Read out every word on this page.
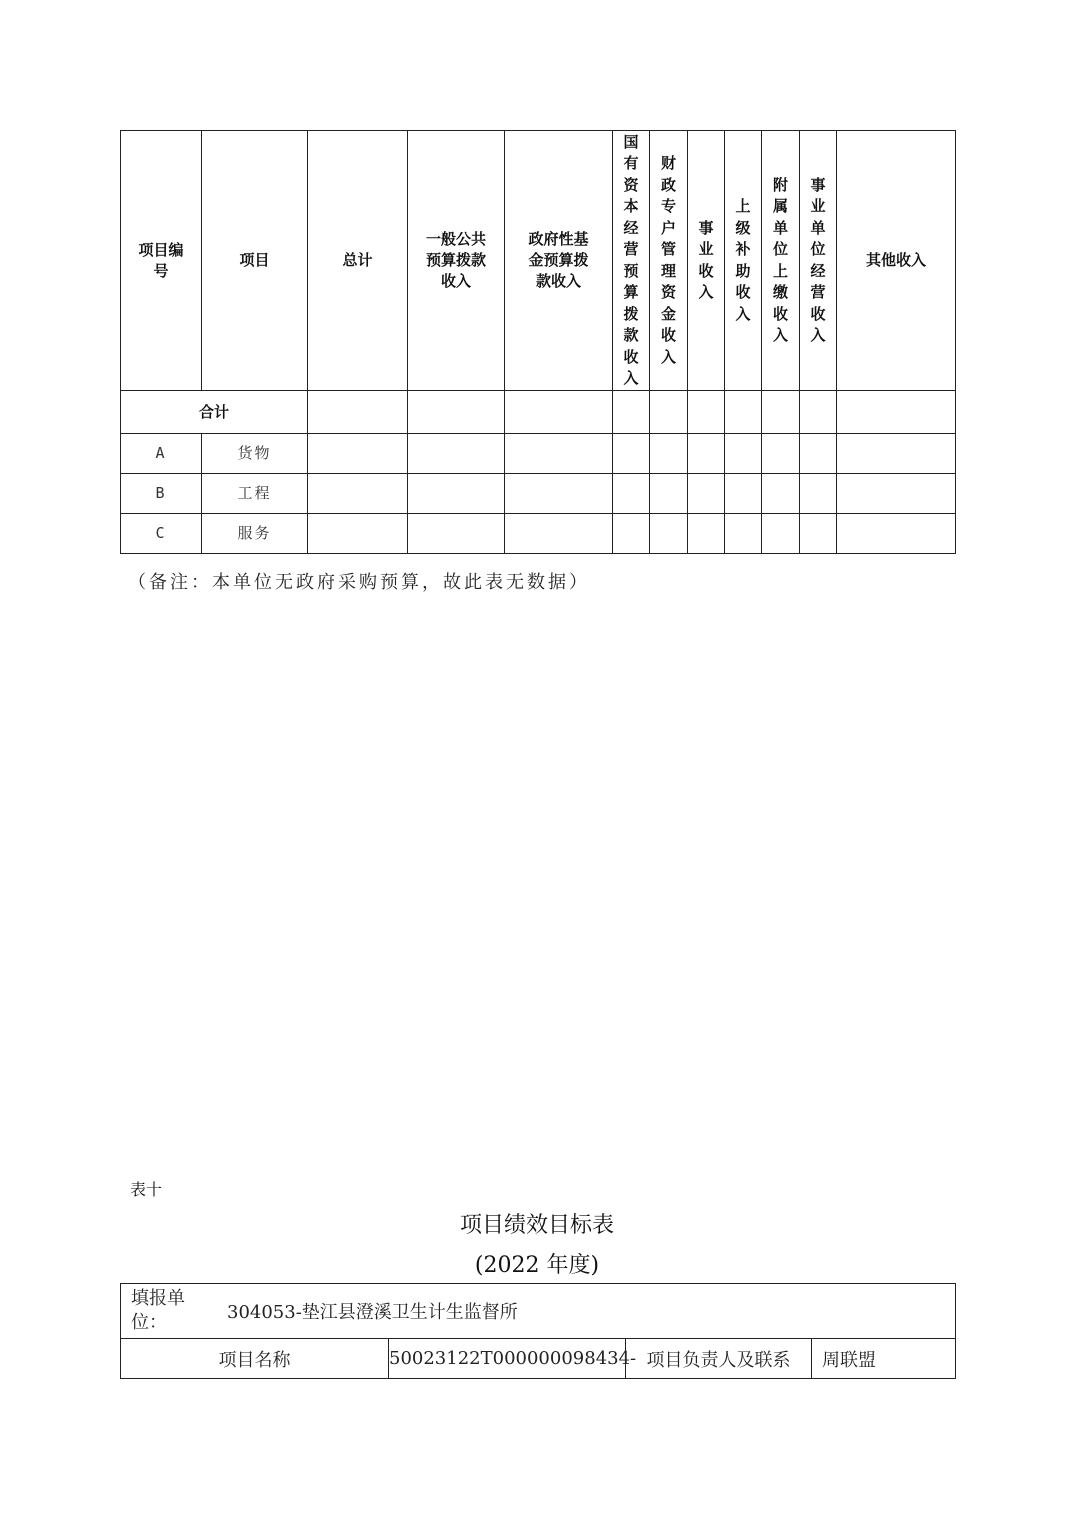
项目编号	项目	总计	一般公共预算拨款收入	政府性基金预算拨款收入	国有资本经营预算拨款收入	财政专户管理资金收入	事业收入	上级补助收入	附属单位上缴收入	事业单位经营收入	其他收入
合计											
A	货物										
B	工程										
C	服务										
（备注：本单位无政府采购预算，故此表无数据）
表十
项目绩效目标表
(2022 年度)
填报单位：	304053-垫江县澄溪卫生计生监督所

项目名称	50023122T000000098434-	项目负责人及联系	周联盟
